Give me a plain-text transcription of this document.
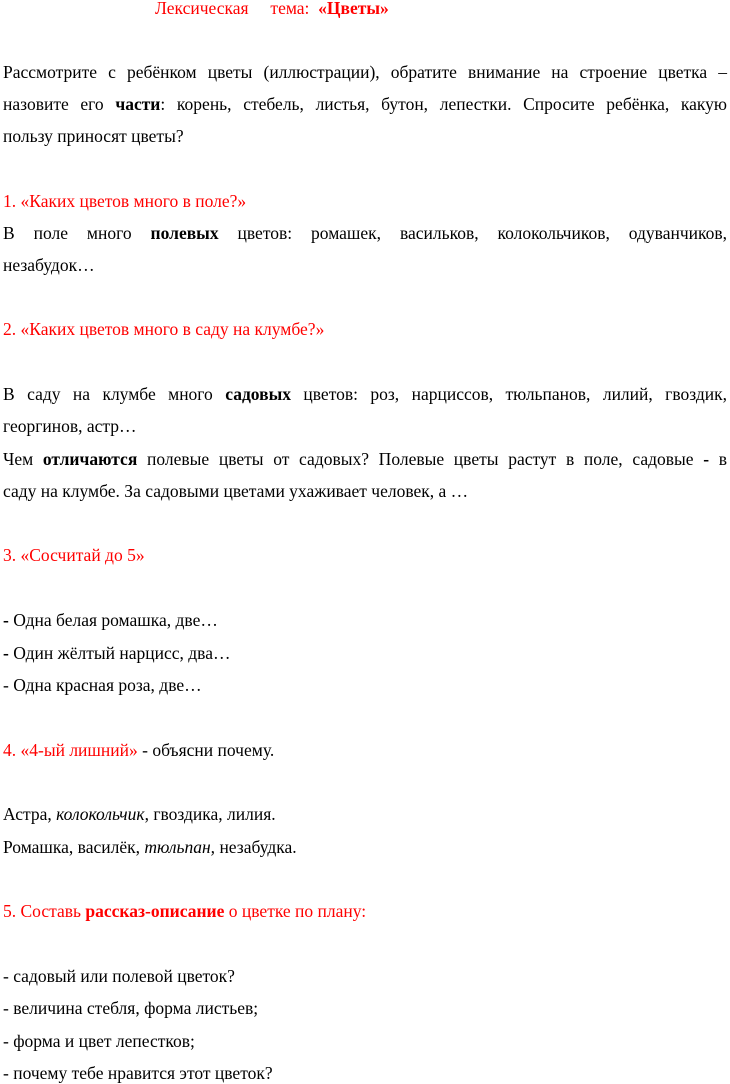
Лексическая     тема:  «Цветы»
Рассмотрите с ребёнком цветы (иллюстрации), обратите внимание на строение цветка –
назовите его части: корень, стебель, листья, бутон, лепестки. Спросите ребёнка, какую
пользу приносят цветы?
1. «Каких цветов много в поле?»
В поле много полевых цветов: ромашек, васильков, колокольчиков, одуванчиков,
незабудок…
2. «Каких цветов много в саду на клумбе?»
В саду на клумбе много садовых цветов: роз, нарциссов, тюльпанов, лилий, гвоздик,
георгинов, астр…
Чем отличаются полевые цветы от садовых? Полевые цветы растут в поле, садовые - в
саду на клумбе. За садовыми цветами ухаживает человек, а …
3. «Сосчитай до 5»
- Одна белая ромашка, две…
- Один жёлтый нарцисс, два…
- Одна красная роза, две…
4. «4-ый лишний» - объясни почему.
Астра, колокольчик, гвоздика, лилия.
Ромашка, василёк, тюльпан, незабудка.
5. Составь рассказ-описание о цветке по плану:
- садовый или полевой цветок?
- величина стебля, форма листьев;
- форма и цвет лепестков;
- почему тебе нравится этот цветок?
